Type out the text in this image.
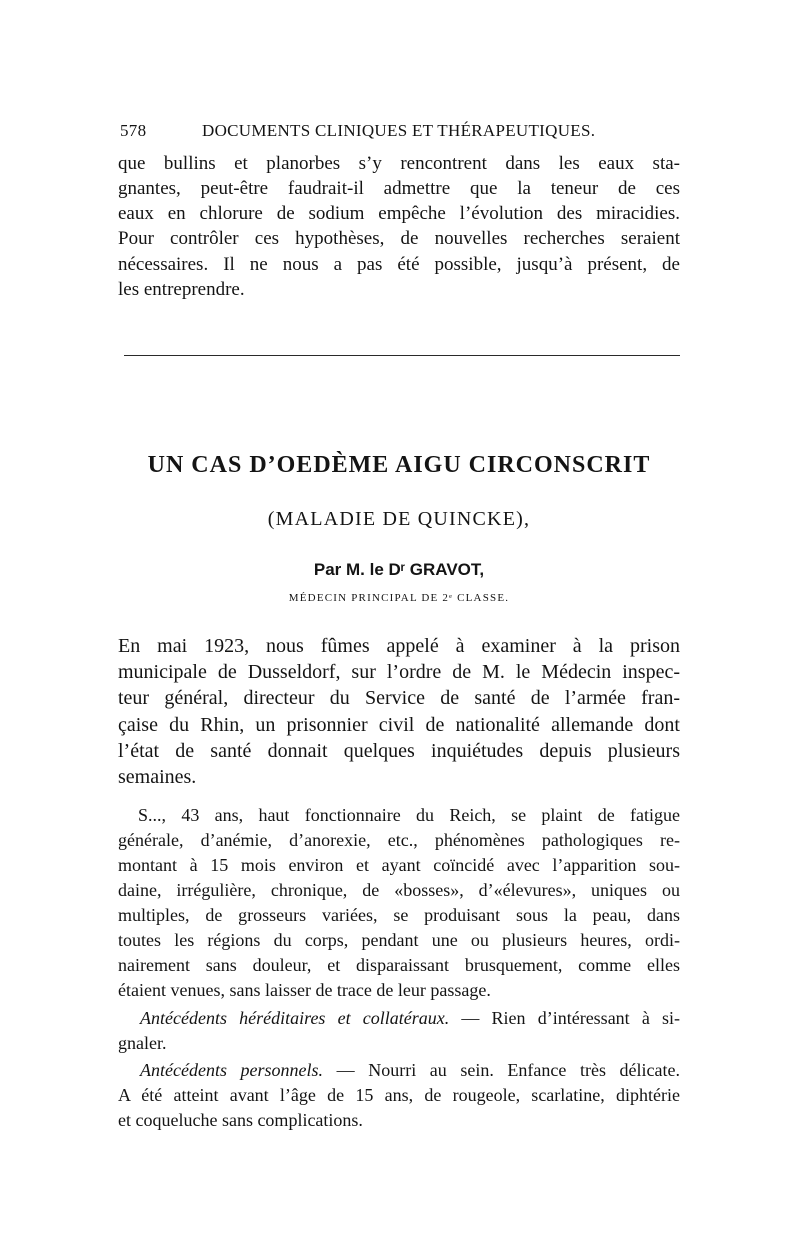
578	DOCUMENTS CLINIQUES ET THÉRAPEUTIQUES.
que bullins et planorbes s’y rencontrent dans les eaux sta-
gnantes, peut-être faudrait-il admettre que la teneur de ces
eaux en chlorure de sodium empêche l’évolution des miracidies.
Pour contrôler ces hypothèses, de nouvelles recherches seraient
nécessaires. Il ne nous a pas été possible, jusqu’à présent, de
les entreprendre.
UN CAS D’OEDÈME AIGU CIRCONSCRIT
(MALADIE DE QUINCKE),
Par M. le Dʳ GRAVOT,
MÉDECIN PRINCIPAL DE 2ᵉ CLASSE.
En mai 1923, nous fûmes appelé à examiner à la prison
municipale de Dusseldorf, sur l’ordre de M. le Médecin inspec-
teur général, directeur du Service de santé de l’armée fran-
çaise du Rhin, un prisonnier civil de nationalité allemande dont
l’état de santé donnait quelques inquiétudes depuis plusieurs
semaines.
S..., 43 ans, haut fonctionnaire du Reich, se plaint de fatigue
générale, d’anémie, d’anorexie, etc., phénomènes pathologiques re-
montant à 15 mois environ et ayant coïncidé avec l’apparition sou-
daine, irrégulière, chronique, de «bosses», d’«élevures», uniques ou
multiples, de grosseurs variées, se produisant sous la peau, dans
toutes les régions du corps, pendant une ou plusieurs heures, ordi-
nairement sans douleur, et disparaissant brusquement, comme elles
étaient venues, sans laisser de trace de leur passage.
Antécédents héréditaires et collatéraux. — Rien d’intéressant à si-
gnaler.
Antécédents personnels. — Nourri au sein. Enfance très délicate.
A été atteint avant l’âge de 15 ans, de rougeole, scarlatine, diphtérie
et coqueluche sans complications.
